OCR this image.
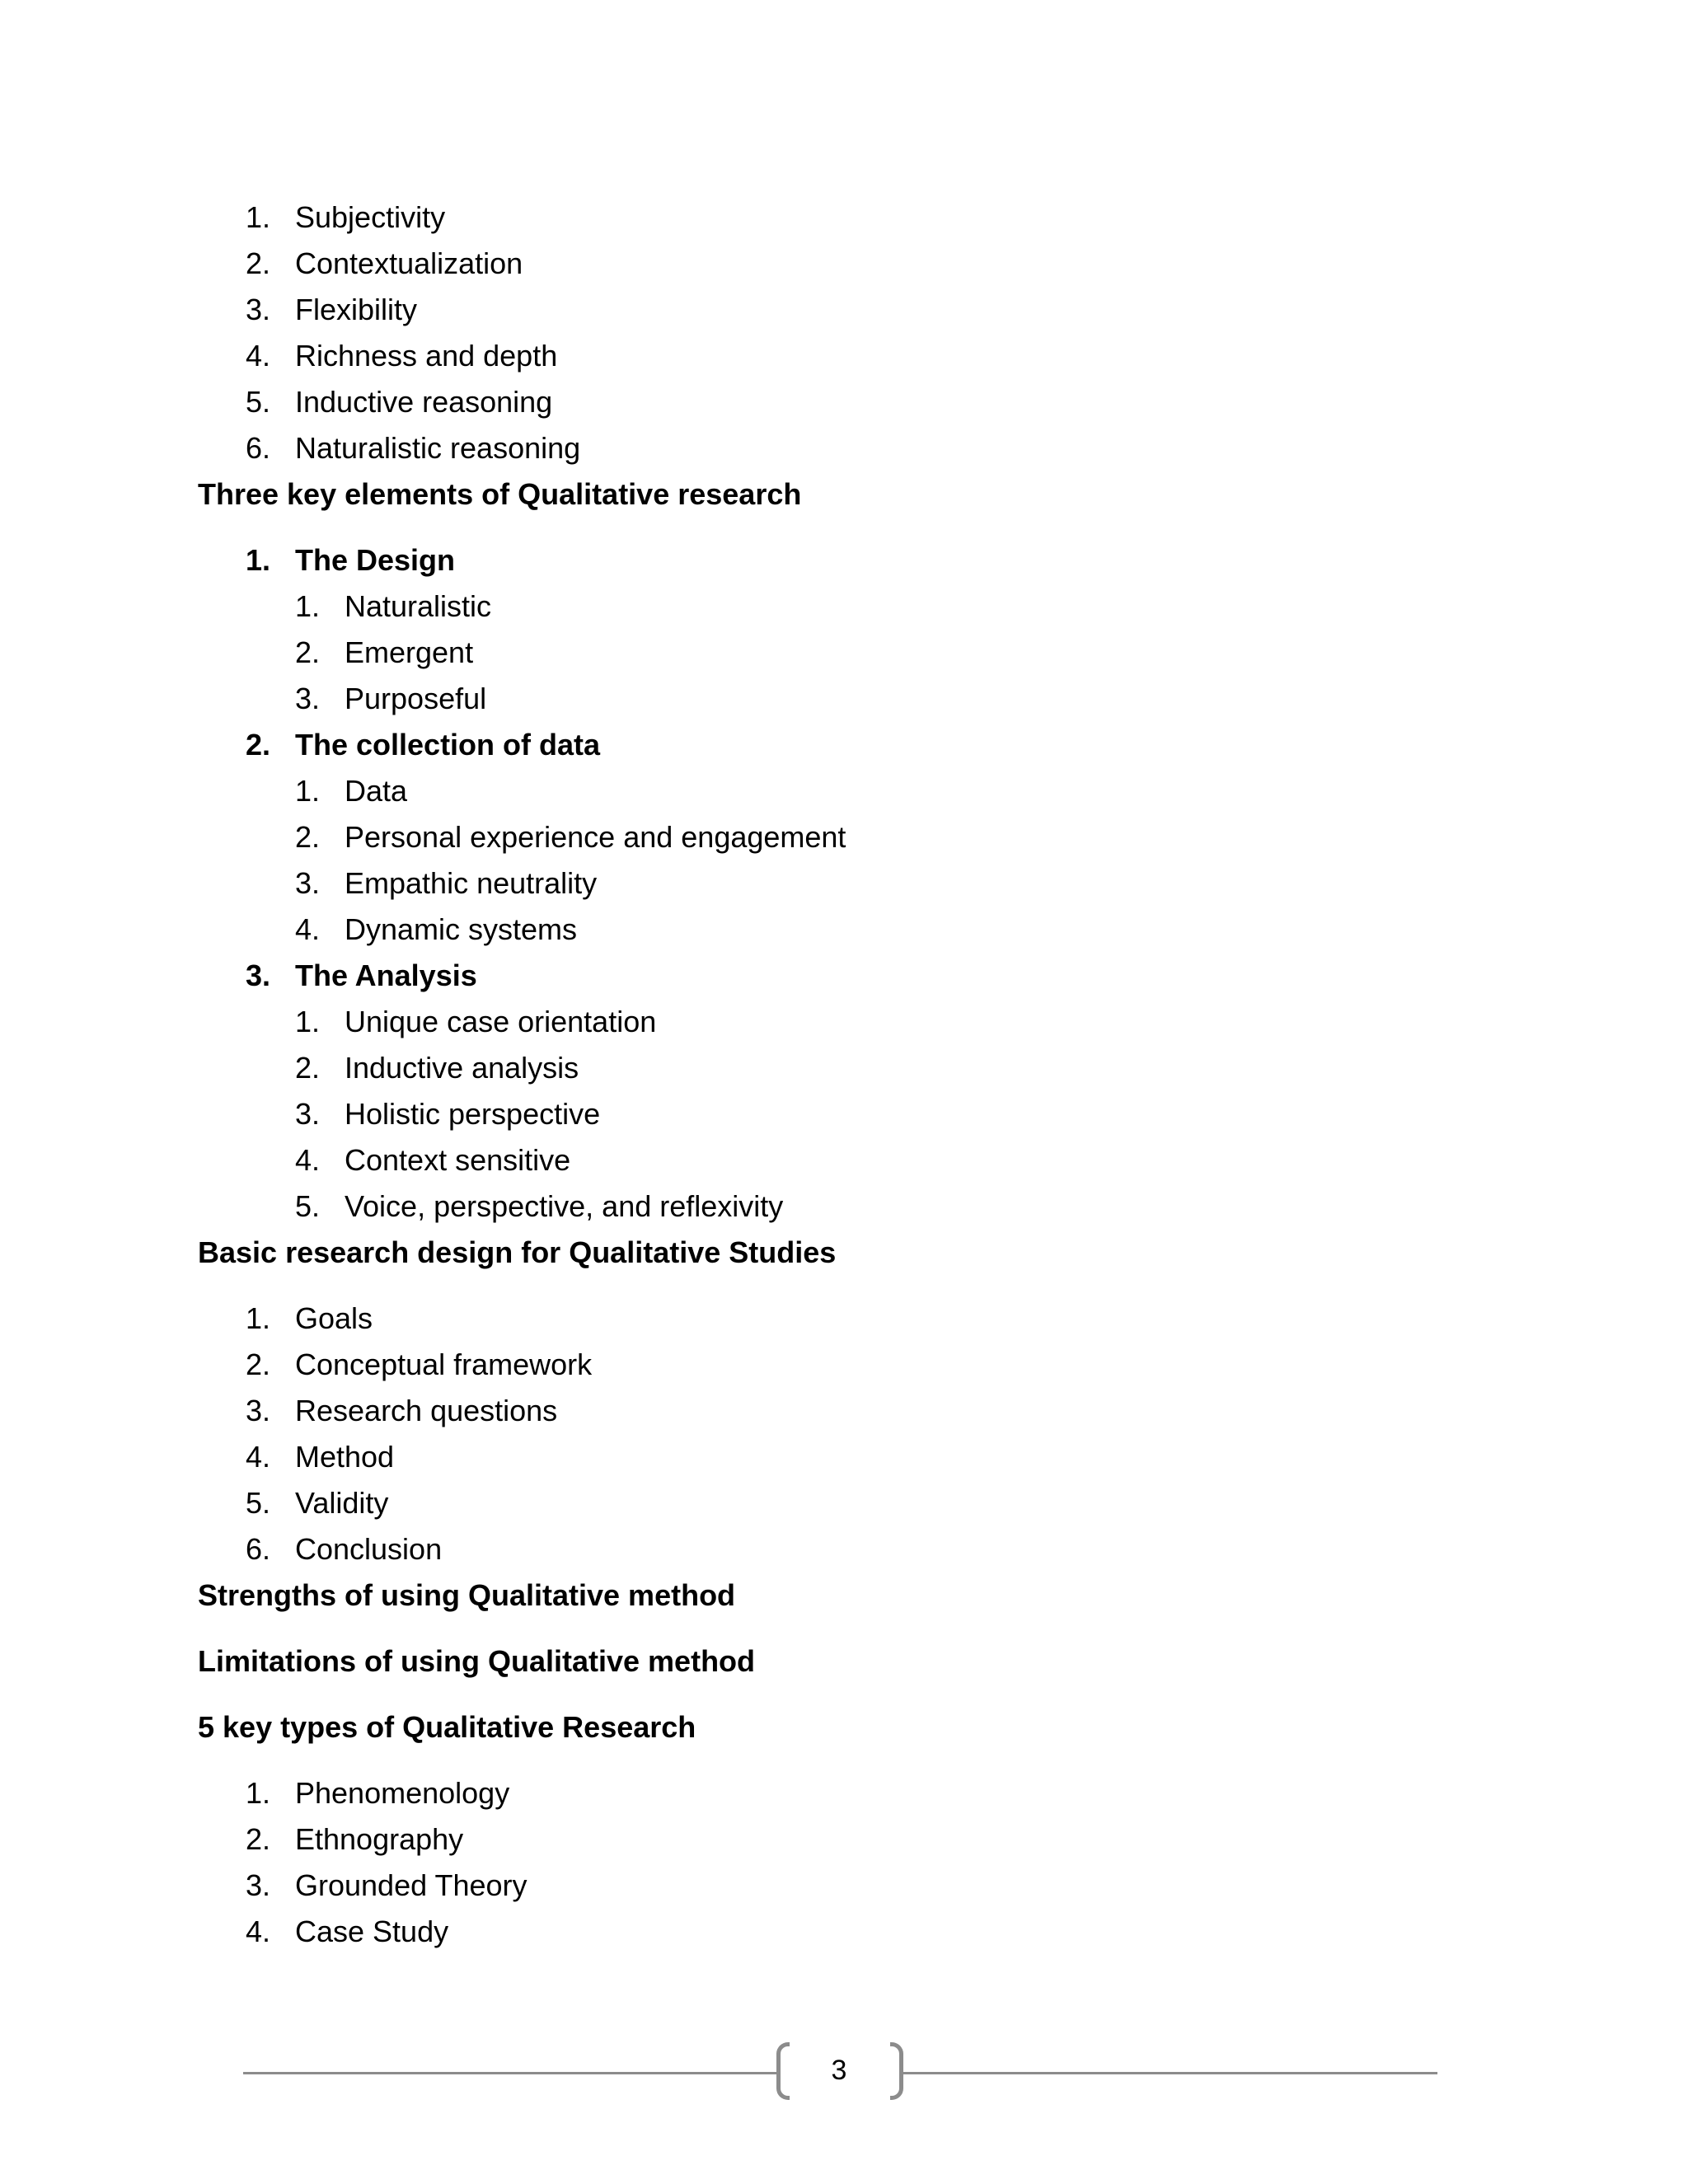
1. Subjectivity
2. Contextualization
3. Flexibility
4. Richness and depth
5. Inductive reasoning
6. Naturalistic reasoning
Three key elements of Qualitative research
1. The Design
1. Naturalistic
2. Emergent
3. Purposeful
2. The collection of data
1. Data
2. Personal experience and engagement
3. Empathic neutrality
4. Dynamic systems
3. The Analysis
1. Unique case orientation
2. Inductive analysis
3. Holistic perspective
4. Context sensitive
5. Voice, perspective, and reflexivity
Basic research design for Qualitative Studies
1. Goals
2. Conceptual framework
3. Research questions
4. Method
5. Validity
6. Conclusion
Strengths of using Qualitative method
Limitations of using Qualitative method
5 key types of Qualitative Research
1. Phenomenology
2. Ethnography
3. Grounded Theory
4. Case Study
3
